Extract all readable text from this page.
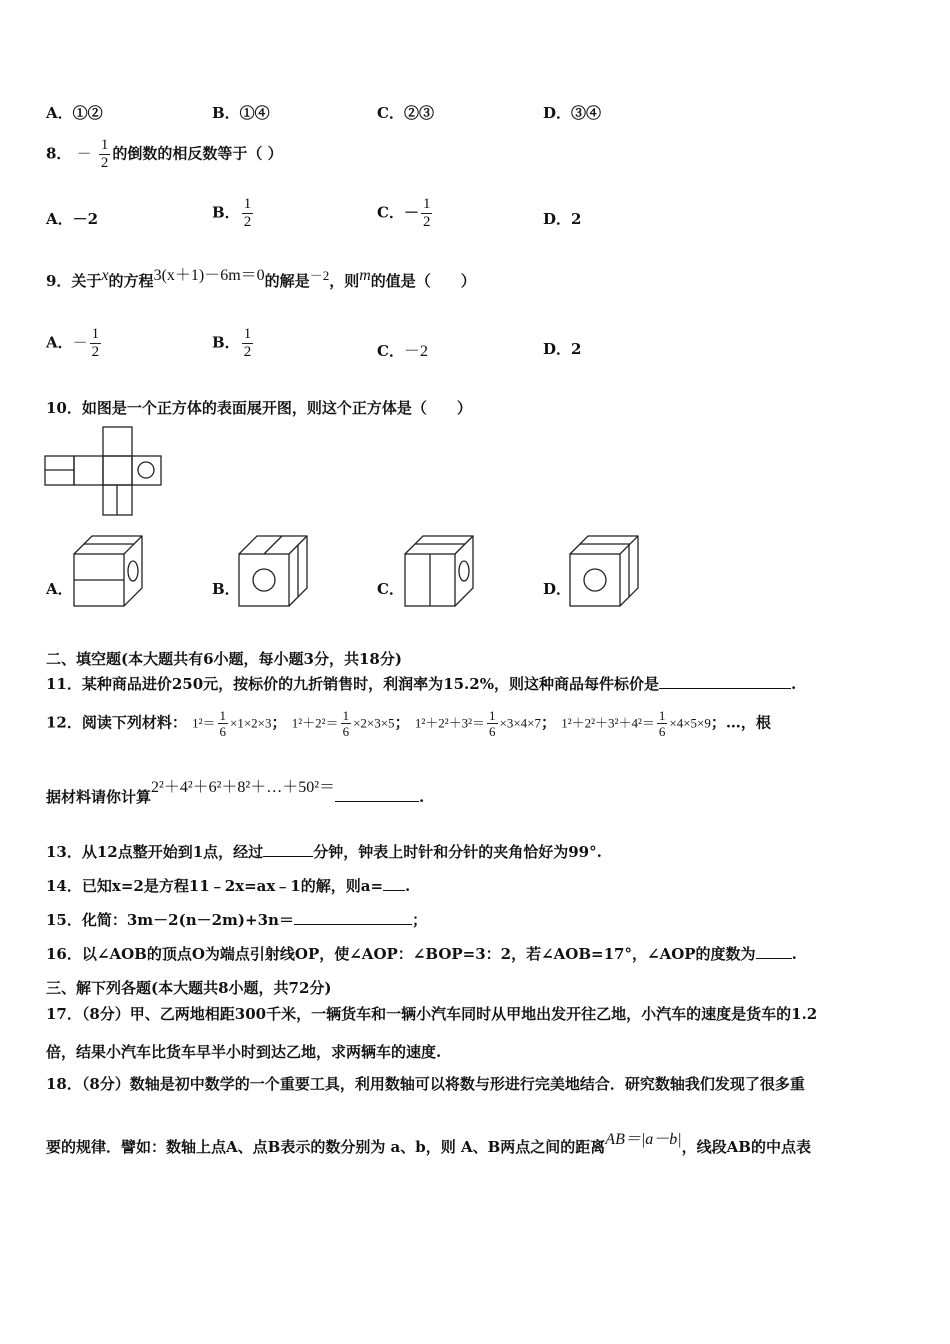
A．①②	B．①④	C．②③	D．③④
8． － $\frac{1}{2}$ 的倒数的相反数等于（ ）
A．－2	B． $\frac{1}{2}$	C．－ $\frac{1}{2}$	D．2
9．关于$^x$的方程$^{3(x+1)-6m=0}$的解是$^{-2}$，则$^m$的值是（　　）
A．－ $\frac{1}{2}$	B． $\frac{1}{2}$	C．－2	D．2
10．如图是一个正方体的表面展开图，则这个正方体是（　　）
A．	B．	C．	D．
二、填空题(本大题共有6小题，每小题3分，共18分)
11．某种商品进价250元，按标价的九折销售时，利润率为15.2%，则这种商品每件标价是	.
12．阅读下列材料： $1^2= \frac{1}{6} \times 1\times 2\times 3$； $1^2+2^2= \frac{1}{6} \times 2\times 3\times 5$； $1^2+2^2+3^2= \frac{1}{6} \times 3\times 4\times 7$； $1^2+2^2+3^2+4^2= \frac{1}{6} \times 4\times 5\times 9$；…，根
据材料请你计算2²＋4²＋6²＋8²＋…＋50²＝.
13．从12点整开始到1点，经过	分钟，钟表上时针和分针的夹角恰好为99°.
14．已知x=2是方程11﹣2x=ax﹣1的解，则a= .
15．化简：3m－2(n－2m)+3n＝	；
16．以∠AOB的顶点O为端点引射线OP，使∠AOP：∠BOP=3：2，若∠AOB=17°，∠AOP的度数为 .
三、解下列各题(本大题共8小题，共72分)
17．（8分）甲、乙两地相距300千米，一辆货车和一辆小汽车同时从甲地出发开往乙地，小汽车的速度是货车的1.2
倍，结果小汽车比货车早半小时到达乙地，求两辆车的速度.
18．（8分）数轴是初中数学的一个重要工具，利用数轴可以将数与形进行完美地结合．研究数轴我们发现了很多重
要的规律．譬如：数轴上点A、点B表示的数分别为 a、b，则 A、B两点之间的距离AB＝|a－b|，线段AB的中点表
